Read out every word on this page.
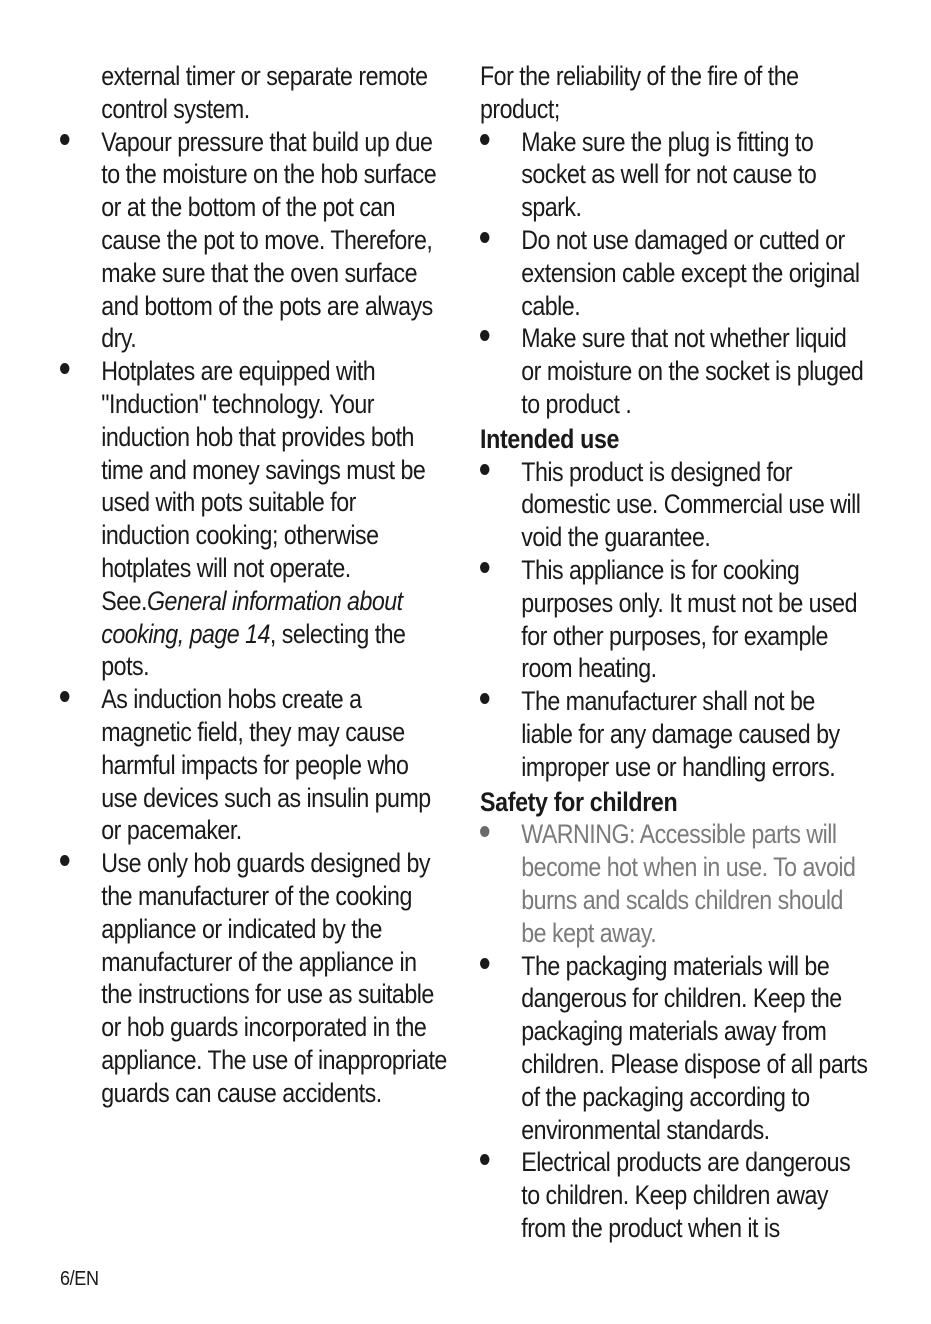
external timer or separate remote control system.

Vapour pressure that build up due to the moisture on the hob surface or at the bottom of the pot can cause the pot to move. Therefore, make sure that the oven surface and bottom of the pots are always dry.
Hotplates are equipped with "Induction" technology. Your induction hob that provides both time and money savings must be used with pots suitable for induction cooking; otherwise hotplates will not operate.
See.General information about cooking, page 14, selecting the pots.
As induction hobs create a magnetic field, they may cause harmful impacts for people who use devices such as insulin pump or pacemaker.
Use only hob guards designed by the manufacturer of the cooking appliance or indicated by the manufacturer of the appliance in the instructions for use as suitable or hob guards incorporated in the appliance. The use of inappropriate guards can cause accidents.

For the reliability of the fire of the product;

Make sure the plug is fitting to socket as well for not cause to spark.
Do not use damaged or cutted or extension cable except the original cable.
Make sure that not whether liquid or moisture on the socket is pluged to product .
Intended use
This product is designed for domestic use. Commercial use will void the guarantee.
This appliance is for cooking purposes only. It must not be used for other purposes, for example room heating.
The manufacturer shall not be liable for any damage caused by improper use or handling errors.
Safety for children
WARNING: Accessible parts will become hot when in use. To avoid burns and scalds children should be kept away.
The packaging materials will be dangerous for children. Keep the packaging materials away from children. Please dispose of all parts of the packaging according to environmental standards.
Electrical products are dangerous to children. Keep children away from the product when it is
6/EN
